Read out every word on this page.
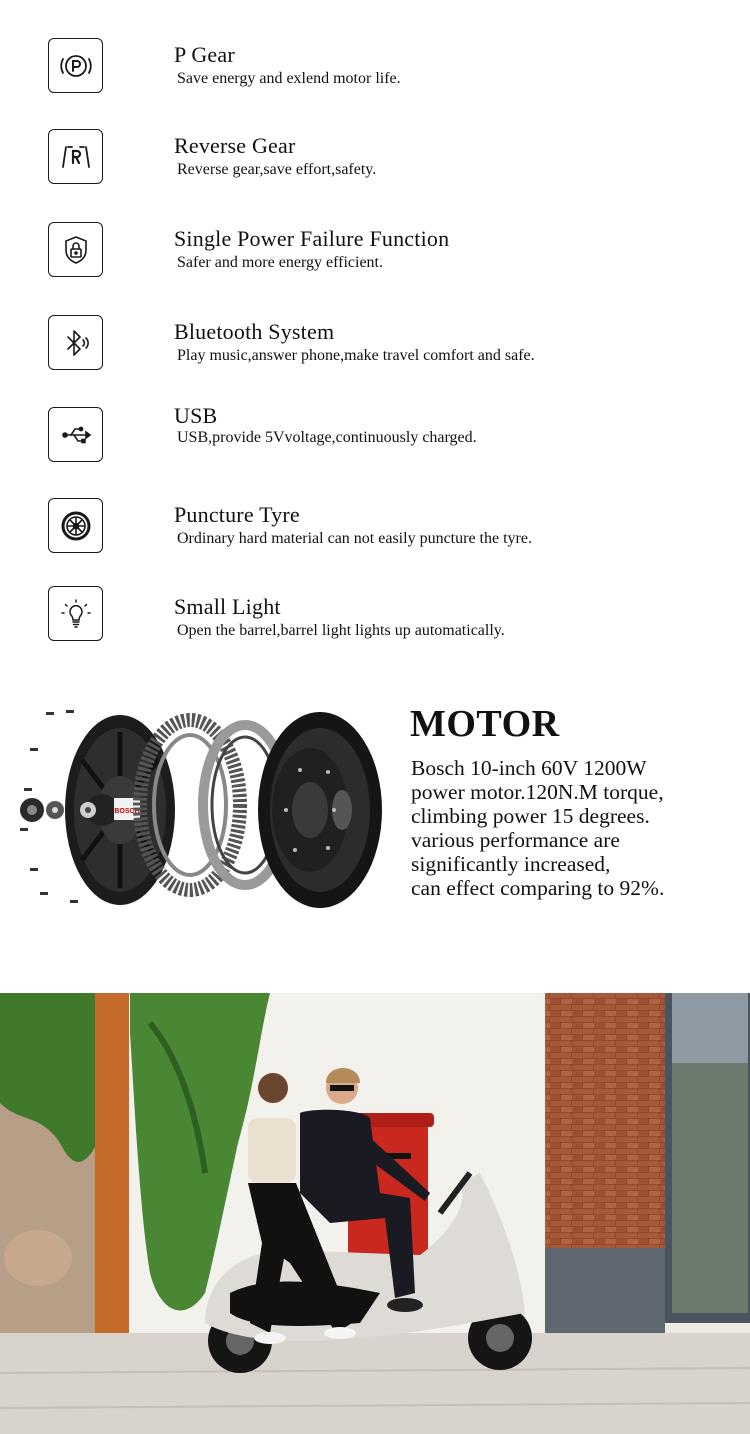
P Gear
Save energy and exlend motor life.
Reverse Gear
Reverse gear,save effort,safety.
Single Power Failure Function
Safer and more energy efficient.
Bluetooth System
Play music,answer phone,make travel comfort and safe.
USB
USB,provide 5Vvoltage,continuously charged.
Puncture Tyre
Ordinary hard material can not easily puncture the tyre.
Small Light
Open the barrel,barrel light lights up automatically.
BOSCH
MOTOR
Bosch 10-inch 60V 1200W
power motor.120N.M torque,
climbing power 15 degrees.
various performance are
significantly increased,
can effect comparing to 92%.
